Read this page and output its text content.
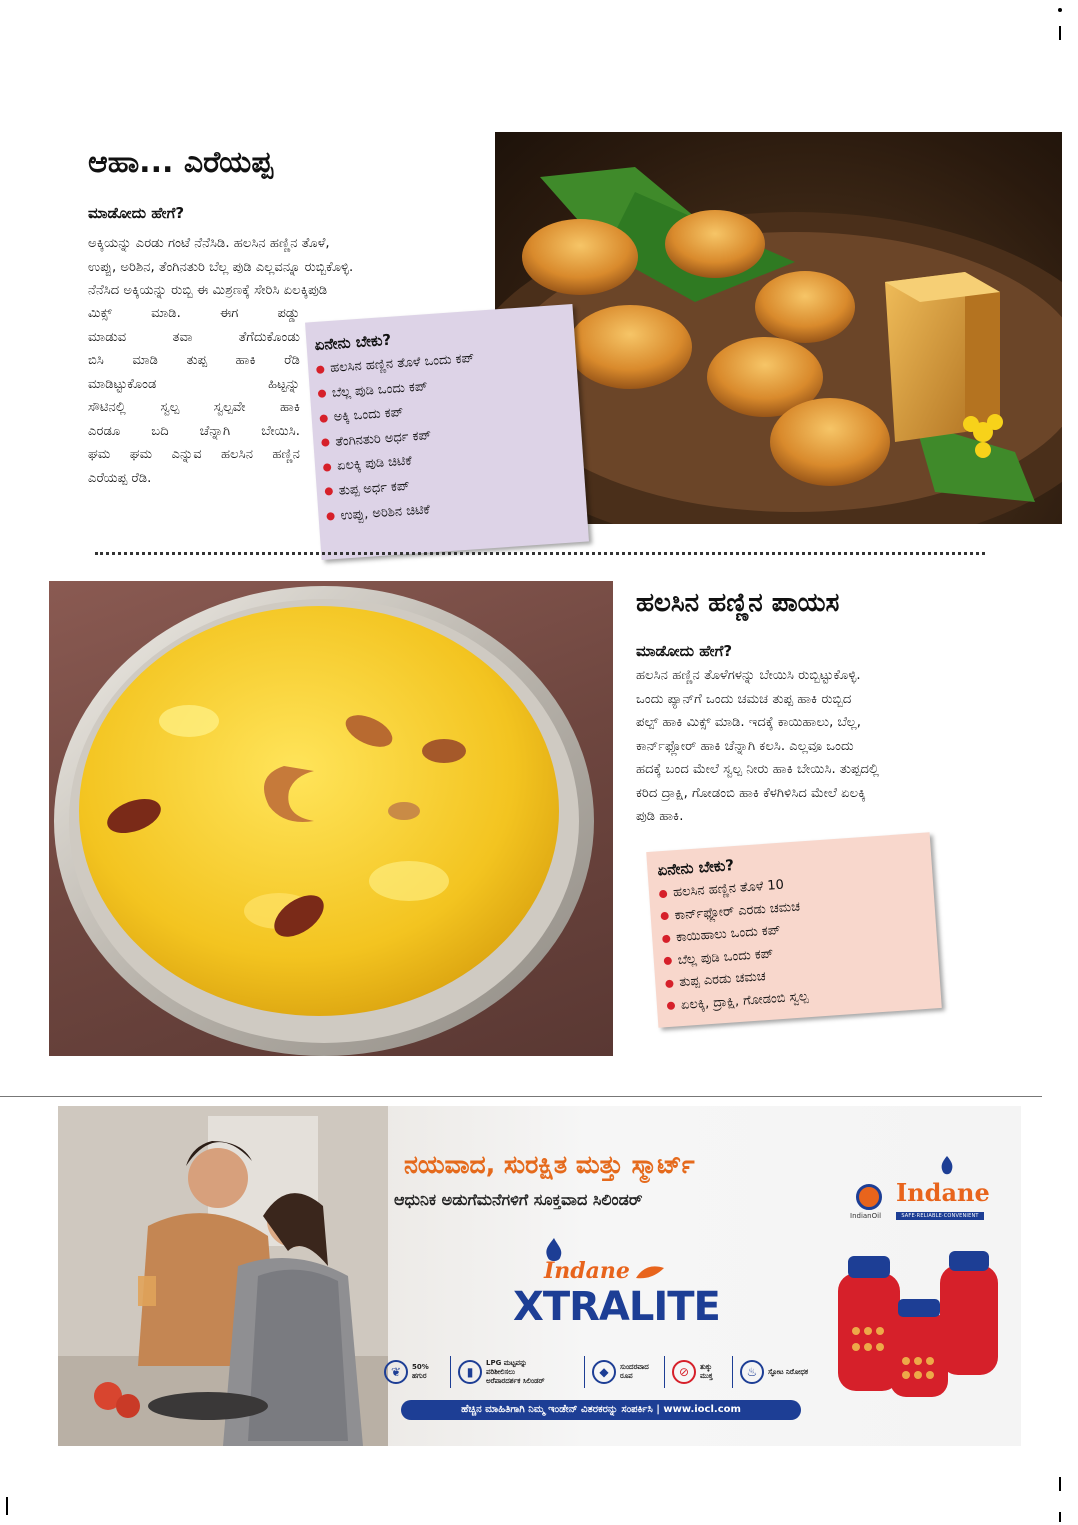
ಆಹಾ... ಎರೆಯಪ್ಪ
ಮಾಡೋದು ಹೇಗೆ?
ಅಕ್ಕಿಯನ್ನು ಎರಡು ಗಂಟೆ ನೆನೆಸಿಡಿ. ಹಲಸಿನ ಹಣ್ಣಿನ ತೊಳೆ,
ಉಪ್ಪು, ಅರಿಶಿನ, ತೆಂಗಿನತುರಿ ಬೆಲ್ಲ ಪುಡಿ ಎಲ್ಲವನ್ನೂ ರುಬ್ಬಿಕೊಳ್ಳಿ.
ನೆನೆಸಿದ ಅಕ್ಕಿಯನ್ನು ರುಬ್ಬಿ ಈ ಮಿಶ್ರಣಕ್ಕೆ ಸೇರಿಸಿ ಏಲಕ್ಕಿಪುಡಿ
ಮಿಕ್ಸ್ ಮಾಡಿ. ಈಗ ಪಡ್ಡು
ಮಾಡುವ ತವಾ ತೆಗೆದುಕೊಂಡು
ಬಿಸಿ ಮಾಡಿ ತುಪ್ಪ ಹಾಕಿ ರೆಡಿ
ಮಾಡಿಟ್ಟುಕೊಂಡ ಹಿಟ್ಟನ್ನು
ಸೌಟಿನಲ್ಲಿ ಸ್ವಲ್ಪ ಸ್ವಲ್ಪವೇ ಹಾಕಿ
ಎರಡೂ ಬದಿ ಚೆನ್ನಾಗಿ ಬೇಯಿಸಿ.
ಘಮ ಘಮ ಎನ್ನುವ ಹಲಸಿನ ಹಣ್ಣಿನ
ಎರೆಯಪ್ಪ ರೆಡಿ.
ಏನೇನು ಬೇಕು?
ಹಲಸಿನ ಹಣ್ಣಿನ ತೊಳೆ ಒಂದು ಕಪ್
ಬೆಲ್ಲ ಪುಡಿ ಒಂದು ಕಪ್
ಅಕ್ಕಿ ಒಂದು ಕಪ್
ತೆಂಗಿನತುರಿ ಅರ್ಧ ಕಪ್
ಏಲಕ್ಕಿ ಪುಡಿ ಚಿಟಿಕೆ
ತುಪ್ಪ ಅರ್ಧ ಕಪ್
ಉಪ್ಪು, ಅರಿಶಿನ ಚಿಟಿಕೆ
ಹಲಸಿನ ಹಣ್ಣಿನ ಪಾಯಸ
ಮಾಡೋದು ಹೇಗೆ?
ಹಲಸಿನ ಹಣ್ಣಿನ ತೊಳೆಗಳನ್ನು ಬೇಯಿಸಿ ರುಬ್ಬಿಟ್ಟುಕೊಳ್ಳಿ.
ಒಂದು ಪ್ಯಾನ್‌ಗೆ ಒಂದು ಚಮಚ ತುಪ್ಪ ಹಾಕಿ ರುಬ್ಬಿದ
ಪಲ್ಪ್ ಹಾಕಿ ಮಿಕ್ಸ್ ಮಾಡಿ. ಇದಕ್ಕೆ ಕಾಯಿಹಾಲು, ಬೆಲ್ಲ,
ಕಾರ್ನ್‌ಫ್ಲೋರ್ ಹಾಕಿ ಚೆನ್ನಾಗಿ ಕಲಸಿ. ಎಲ್ಲವೂ ಒಂದು
ಹದಕ್ಕೆ ಬಂದ ಮೇಲೆ ಸ್ವಲ್ಪ ನೀರು ಹಾಕಿ ಬೇಯಿಸಿ. ತುಪ್ಪದಲ್ಲಿ
ಕರಿದ ದ್ರಾಕ್ಷಿ, ಗೋಡಂಬಿ ಹಾಕಿ ಕೆಳಗಿಳಿಸಿದ ಮೇಲೆ ಏಲಕ್ಕಿ
ಪುಡಿ ಹಾಕಿ.
ಏನೇನು ಬೇಕು?
ಹಲಸಿನ ಹಣ್ಣಿನ ತೊಳೆ 10
ಕಾರ್ನ್‌ಫ್ಲೋರ್ ಎರಡು ಚಮಚ
ಕಾಯಿಹಾಲು ಒಂದು ಕಪ್
ಬೆಲ್ಲ ಪುಡಿ ಒಂದು ಕಪ್
ತುಪ್ಪ ಎರಡು ಚಮಚ
ಏಲಕ್ಕಿ, ದ್ರಾಕ್ಷಿ, ಗೋಡಂಬಿ ಸ್ವಲ್ಪ
ನಯವಾದ, ಸುರಕ್ಷಿತ ಮತ್ತು ಸ್ಮಾರ್ಟ್
ಆಧುನಿಕ ಅಡುಗೆಮನೆಗಳಿಗೆ ಸೂಕ್ತವಾದ ಸಿಲಿಂಡರ್
Indane
XTRALITE
Indane
SAFE·RELIABLE·CONVENIENT
IndianOil
❦	50%
ಹಗುರ	▮
LPG ಮಟ್ಟವನ್ನು
ಪರಿಶೀಲಿಸಲು
ಅರೆಪಾರದರ್ಶಕ ಸಿಲಿಂಡರ್
◆	ಸುಂದರವಾದ
ರೂಪ	⊘	ತುಕ್ಕು
ಮುಕ್ತ	♨	ಸ್ಫೋಟ ನಿರೋಧಕ
ಹೆಚ್ಚಿನ ಮಾಹಿತಿಗಾಗಿ ನಿಮ್ಮ ಇಂಡೇನ್ ವಿತರಕರನ್ನು ಸಂಪರ್ಕಿಸಿ | www.iocl.com
